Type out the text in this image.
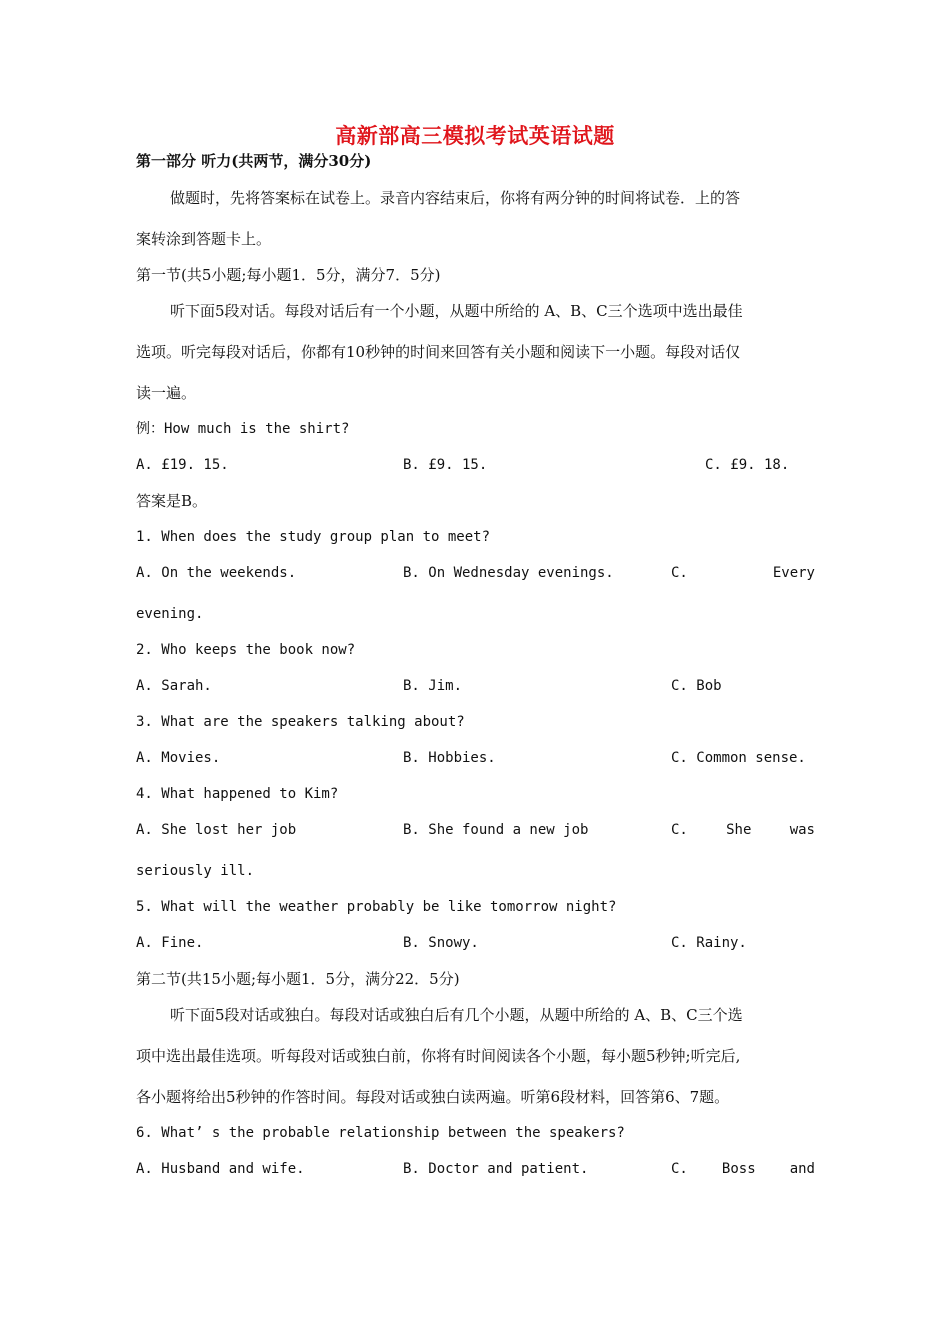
高新部高三模拟考试英语试题
第一部分 听力(共两节，满分30分)
做题时，先将答案标在试卷上。录音内容结束后，你将有两分钟的时间将试卷．上的答
案转涂到答题卡上。
第一节(共5小题;每小题1．5分，满分7．5分)
听下面5段对话。每段对话后有一个小题，从题中所给的 A、B、C三个选项中选出最佳
选项。听完每段对话后，你都有10秒钟的时间来回答有关小题和阅读下一小题。每段对话仅
读一遍。
例：How much is the shirt?
A. £19. 15.	B. £9. 15.	C. £9. 18.
答案是B。
1. When does the study group plan to meet?
A. On the weekends.	B. On Wednesday evenings.	C.	Every
evening.
2. Who keeps the book now?
A. Sarah.	B. Jim.	C. Bob
3. What are the speakers talking about?
A. Movies.	B. Hobbies.	C. Common sense.
4. What happened to Kim?
A. She lost her job	B. She found a new job	C.	She	was
seriously ill.
5. What will the weather probably be like tomorrow night?
A. Fine.	B. Snowy.	C. Rainy.
第二节(共15小题;每小题1．5分，满分22．5分)
听下面5段对话或独白。每段对话或独白后有几个小题，从题中所给的 A、B、C三个选
项中选出最佳选项。听每段对话或独白前，你将有时间阅读各个小题，每小题5秒钟;听完后,
各小题将给出5秒钟的作答时间。每段对话或独白读两遍。听第6段材料，回答第6、7题。
6. What’ s the probable relationship between the speakers?
A. Husband and wife.	B. Doctor and patient.	C. Boss and
